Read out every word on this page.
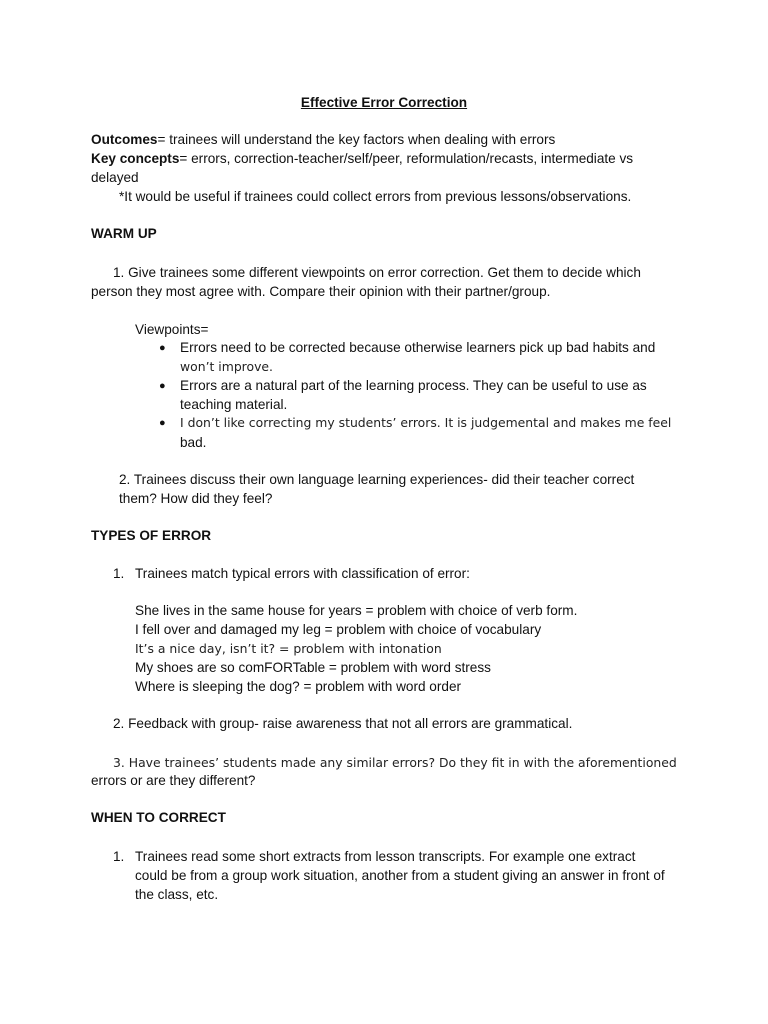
Effective Error Correction
Outcomes= trainees will understand the key factors when dealing with errors
Key concepts= errors, correction-teacher/self/peer, reformulation/recasts, intermediate vs
delayed
*It would be useful if trainees could collect errors from previous lessons/observations.
WARM UP
1. Give trainees some different viewpoints on error correction. Get them to decide which
person they most agree with. Compare their opinion with their partner/group.
Viewpoints=
● Errors need to be corrected because otherwise learners pick up bad habits and
won’t improve.
● Errors are a natural part of the learning process. They can be useful to use as
teaching material.
● I don’t like correcting my students’ errors. It is judgemental and makes me feel
bad.
2. Trainees discuss their own language learning experiences- did their teacher correct
them? How did they feel?
TYPES OF ERROR
1. Trainees match typical errors with classification of error:
She lives in the same house for years = problem with choice of verb form.
I fell over and damaged my leg = problem with choice of vocabulary
It’s a nice day, isn’t it? = problem with intonation
My shoes are so comFORTable = problem with word stress
Where is sleeping the dog? = problem with word order
2. Feedback with group- raise awareness that not all errors are grammatical.
3. Have trainees’ students made any similar errors? Do they fit in with the aforementioned
errors or are they different?
WHEN TO CORRECT
1. Trainees read some short extracts from lesson transcripts. For example one extract
could be from a group work situation, another from a student giving an answer in front of
the class, etc.
